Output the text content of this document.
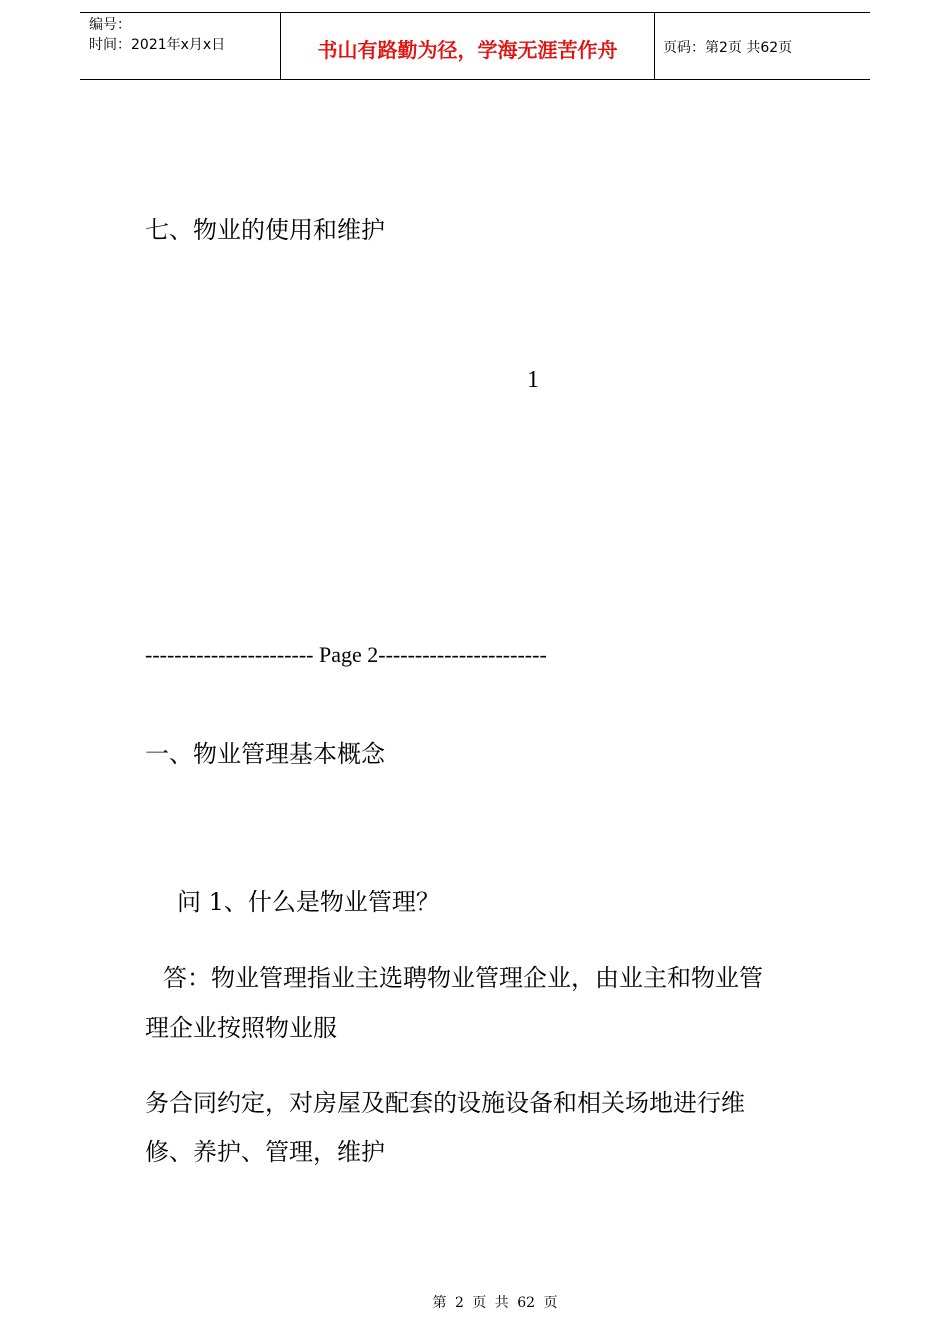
编号：
时间：2021年x月x日	书山有路勤为径，学海无涯苦作舟	页码：第2页 共62页
七、物业的使用和维护
1
----------------------- Page 2-----------------------
一、物业管理基本概念
问 1、什么是物业管理？
答：物业管理指业主选聘物业管理企业，由业主和物业管
理企业按照物业服
务合同约定，对房屋及配套的设施设备和相关场地进行维
修、养护、管理，维护
第 2 页 共 62 页
